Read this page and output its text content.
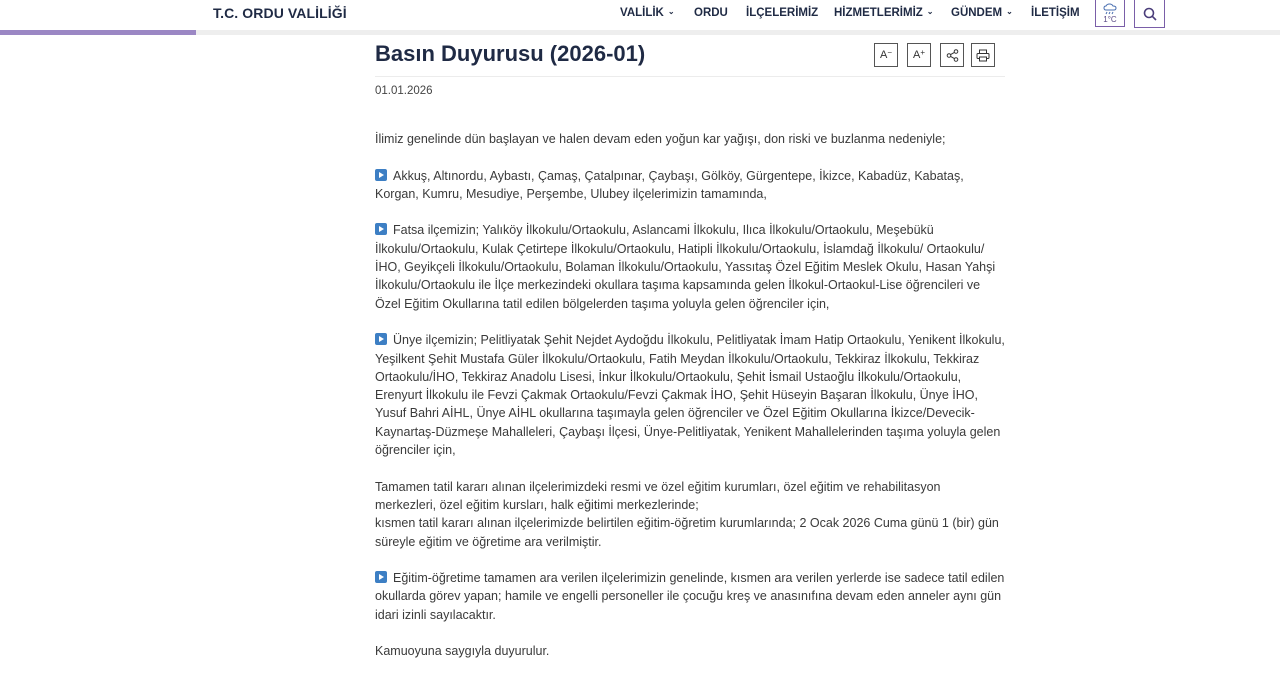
T.C. ORDU VALİLİĞİ	VALİLİK ⌄ ORDU İLÇELERİMİZ HİZMETLERİMİZ ⌄ GÜNDEM ⌄ İLETİŞİM
1°C
Basın Duyurusu (2026-01)	A− A+
01.01.2026

İlimiz genelinde dün başlayan ve halen devam eden yoğun kar yağışı, don riski ve buzlanma nedeniyle;

Akkuş, Altınordu, Aybastı, Çamaş, Çatalpınar, Çaybaşı, Gölköy, Gürgentepe, İkizce, Kabadüz, Kabataş, Korgan, Kumru, Mesudiye, Perşembe, Ulubey ilçelerimizin tamamında,

Fatsa ilçemizin; Yalıköy İlkokulu/Ortaokulu, Aslancami İlkokulu, Ilıca İlkokulu/Ortaokulu, Meşebükü İlkokulu/Ortaokulu, Kulak Çetirtepe İlkokulu/Ortaokulu, Hatipli İlkokulu/Ortaokulu, İslamdağ İlkokulu/ Ortaokulu/İHO, Geyikçeli İlkokulu/Ortaokulu, Bolaman İlkokulu/Ortaokulu, Yassıtaş Özel Eğitim Meslek Okulu, Hasan Yahşi İlkokulu/Ortaokulu ile İlçe merkezindeki okullara taşıma kapsamında gelen İlkokul-Ortaokul-Lise öğrencileri ve Özel Eğitim Okullarına tatil edilen bölgelerden taşıma yoluyla gelen öğrenciler için,

Ünye ilçemizin; Pelitliyatak Şehit Nejdet Aydoğdu İlkokulu, Pelitliyatak İmam Hatip Ortaokulu, Yenikent İlkokulu, Yeşilkent Şehit Mustafa Güler İlkokulu/Ortaokulu, Fatih Meydan İlkokulu/Ortaokulu, Tekkiraz İlkokulu, Tekkiraz Ortaokulu/İHO, Tekkiraz Anadolu Lisesi, İnkur İlkokulu/Ortaokulu, Şehit İsmail Ustaoğlu İlkokulu/Ortaokulu, Erenyurt İlkokulu ile Fevzi Çakmak Ortaokulu/Fevzi Çakmak İHO, Şehit Hüseyin Başaran İlkokulu, Ünye İHO, Yusuf Bahri AİHL, Ünye AİHL okullarına taşımayla gelen öğrenciler ve Özel Eğitim Okullarına İkizce/Devecik-Kaynartaş-Düzmeşe Mahalleleri, Çaybaşı İlçesi, Ünye-Pelitliyatak, Yenikent Mahallelerinden taşıma yoluyla gelen öğrenciler için,

Tamamen tatil kararı alınan ilçelerimizdeki resmi ve özel eğitim kurumları, özel eğitim ve rehabilitasyon merkezleri, özel eğitim kursları, halk eğitimi merkezlerinde;
kısmen tatil kararı alınan ilçelerimizde belirtilen eğitim-öğretim kurumlarında; 2 Ocak 2026 Cuma günü 1 (bir) gün süreyle eğitim ve öğretime ara verilmiştir.

Eğitim-öğretime tamamen ara verilen ilçelerimizin genelinde, kısmen ara verilen yerlerde ise sadece tatil edilen okullarda görev yapan; hamile ve engelli personeller ile çocuğu kreş ve anasınıfına devam eden anneler aynı gün idari izinli sayılacaktır.

Kamuoyuna saygıyla duyurulur.
